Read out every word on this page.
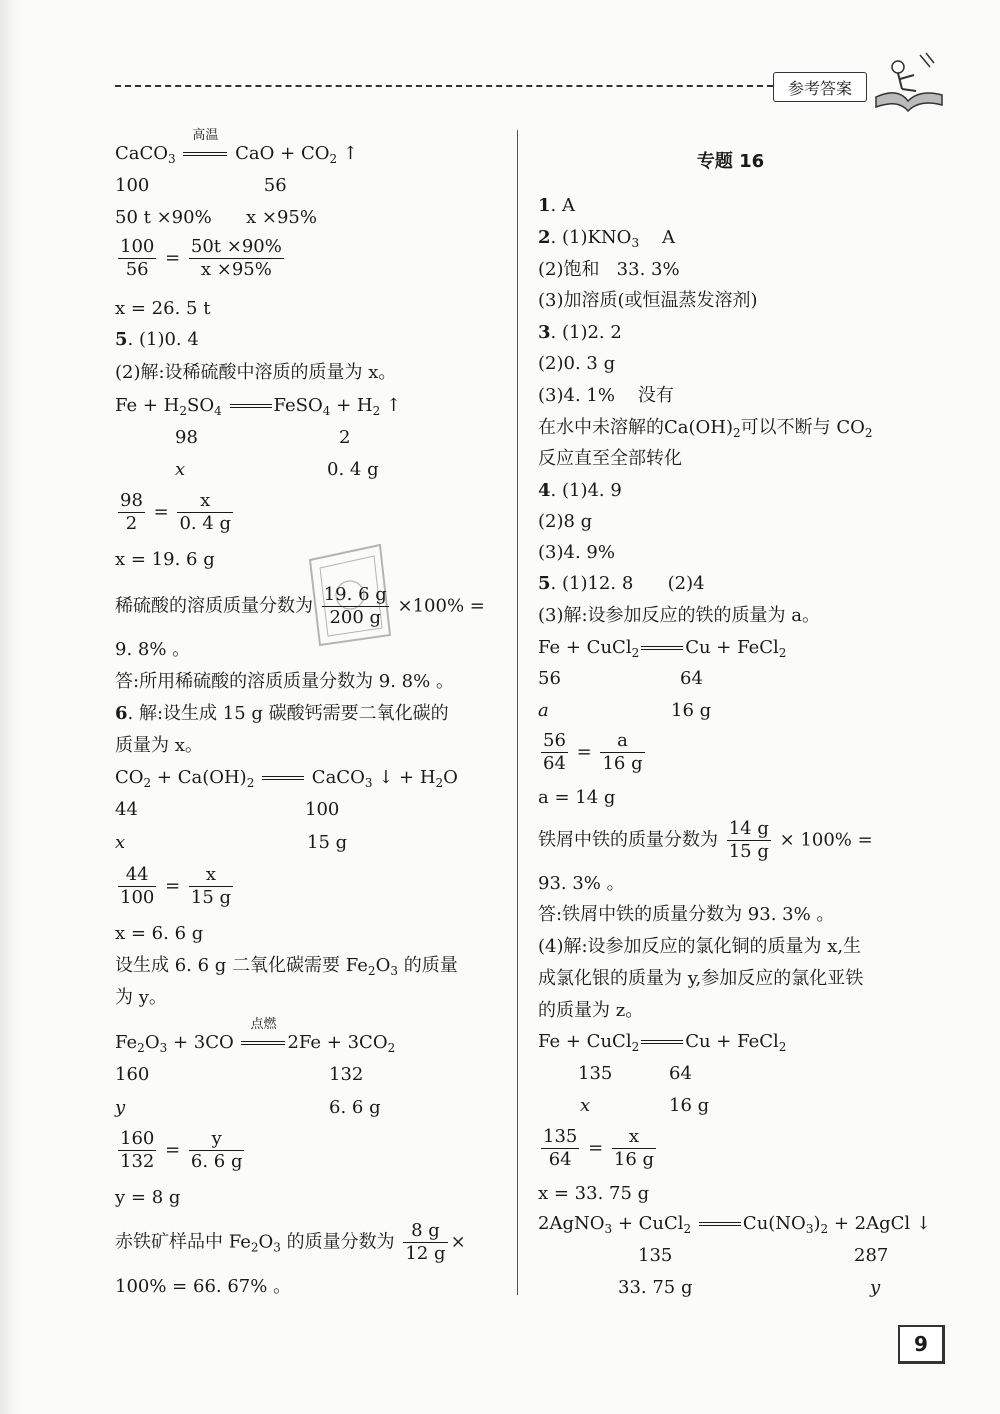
参考答案
CaCO$_3$
高温
CaO + $CO_2$ ↑
100                    56
50 t ×90%      x ×95%
$\frac{100}{56} = \frac{50t \times 90\%}{x \times 95\%}$
x = 26. 5 t
5. (1)0. 4
(2)解:设稀硫酸中溶质的质量为 x。
$Fe + H_2SO_4$	FeSO$_4$ + $H_2$ ↑
98	2
x	0. 4 g
$\frac{98}{2} = \frac{x}{0. 4 g}$
x = 19. 6 g
稀硫酸的溶质质量分数为 $\frac{19. 6 g}{200 g} \times 100\%$ =
9. 8% 。
答:所用稀硫酸的溶质质量分数为 9. 8% 。
6. 解:设生成 15 g 碳酸钙需要二氧化碳的
质量为 x。
$CO_2 + Ca(OH)_2$	CaCO$_3$ ↓ + $H_2O$
44	100
x	15 g
$\frac{44}{100} = \frac{x}{15 g}$
x = 6. 6 g
设生成 6. 6 g 二氧化碳需要 $Fe_2O_3$ 的质量
为 y。
$Fe_2O_3 + 3CO$
点燃
$2Fe + 3CO_2$
160	132
y	6. 6 g
$\frac{160}{132} = \frac{y}{6. 6 g}$
y = 8 g
赤铁矿样品中 $Fe_2O_3$ 的质量分数为 $\frac{8 g}{12 g}$ ×
100% = 66. 67% 。
专题 16
1. A
2. $(1)KNO_3$    A
(2)饱和   33. 3%
(3)加溶质(或恒温蒸发溶剂)
3. (1)2. 2
(2)0. 3 g
(3)4. 1%    没有
在水中未溶解的$Ca(OH)_2$可以不断与 $CO_2$
反应直至全部转化
4. (1)4. 9
(2)8 g
(3)4. 9%
5. (1)12. 8      (2)4
(3)解:设参加反应的铁的质量为 a。
Fe + CuCl$_2$	Cu + FeCl$_2$
56	64
a	16 g
$\frac{56}{64} = \frac{a}{16 g}$
a = 14 g
铁屑中铁的质量分数为 $\frac{14 g}{15 g} \times 100\%$ =
93. 3% 。
答:铁屑中铁的质量分数为 93. 3% 。
(4)解:设参加反应的氯化铜的质量为 x,生
成氯化银的质量为 y,参加反应的氯化亚铁
的质量为 z。
Fe + CuCl$_2$	Cu + FeCl$_2$
135	64
x	16 g
$\frac{135}{64} = \frac{x}{16 g}$
x = 33. 75 g
2AgNO$_3$ + CuCl$_2$	$Cu(NO_3)_2$ + 2AgCl ↓
135	287
33. 75 g	y
9
